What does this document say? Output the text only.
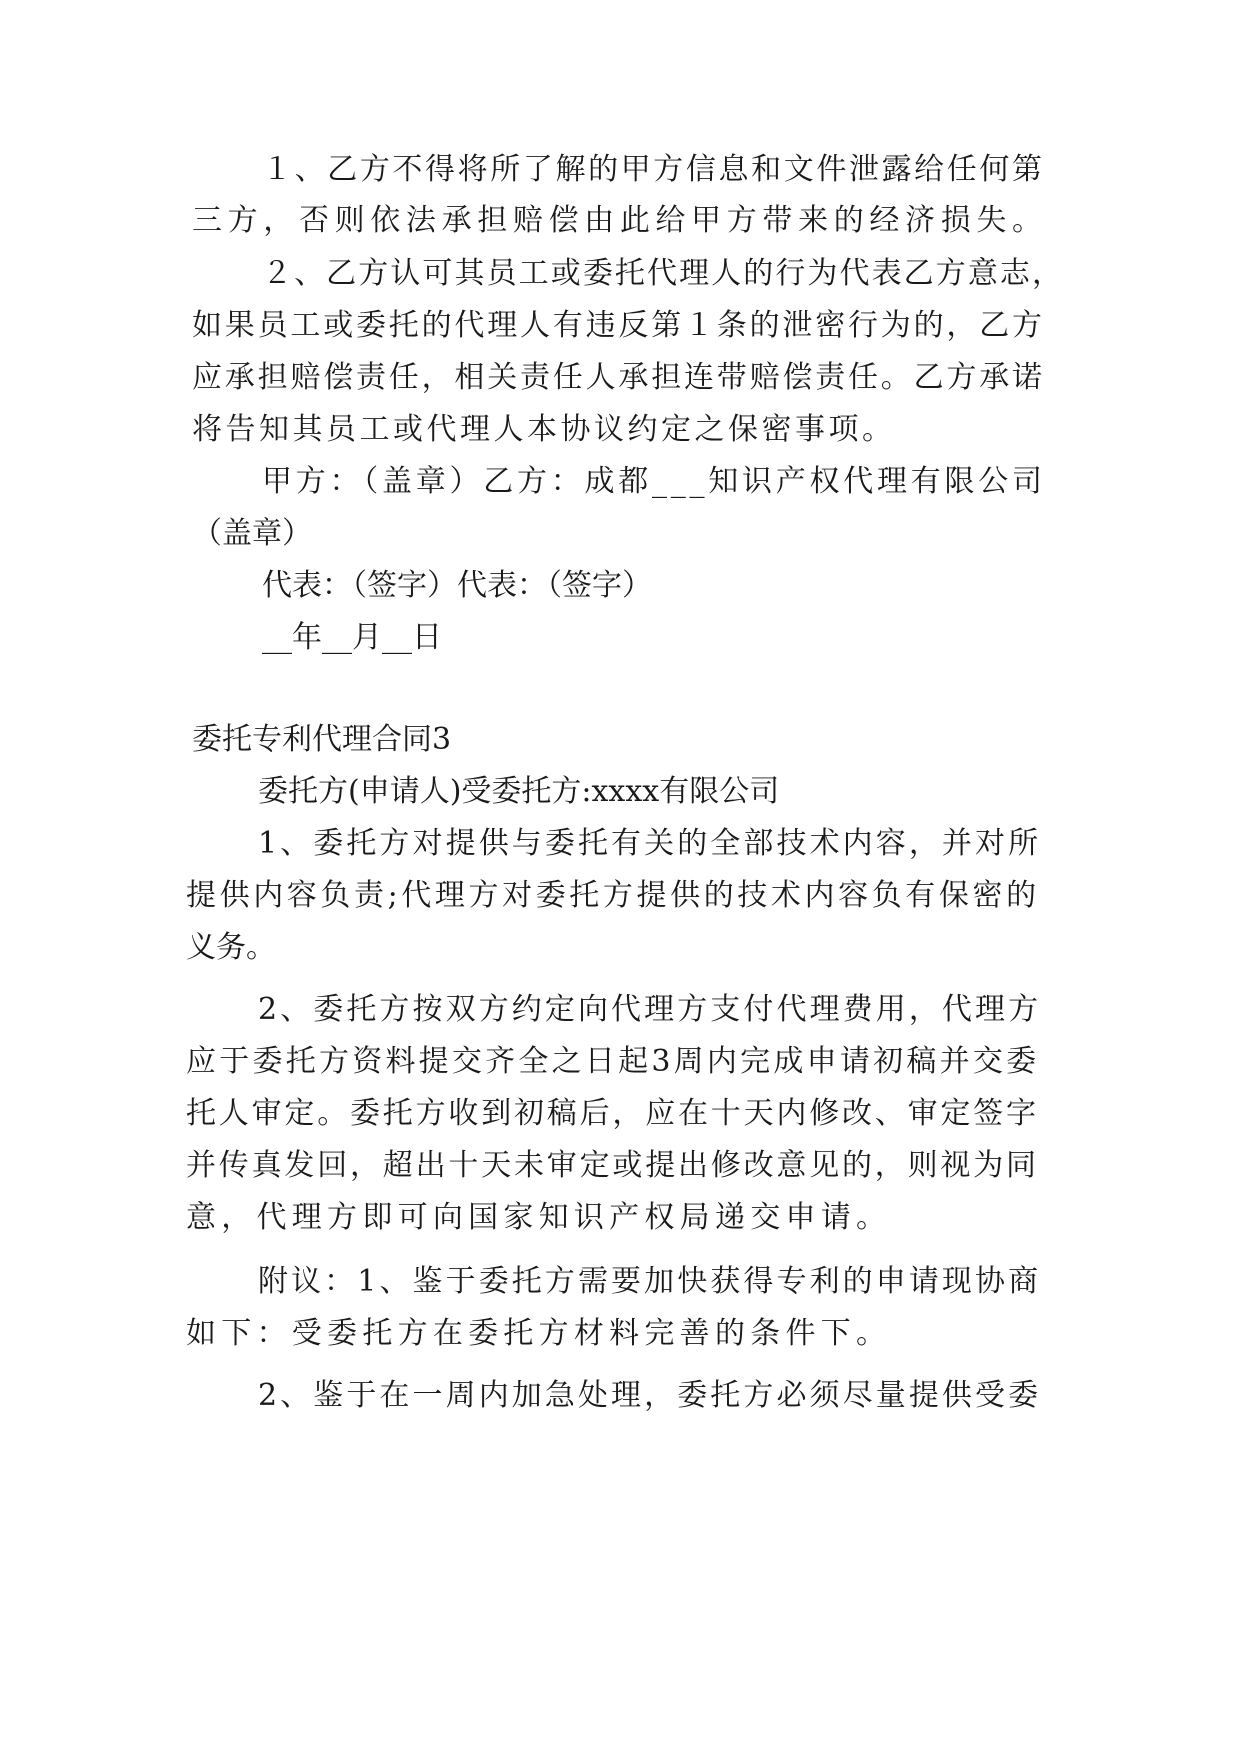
１、乙方不得将所了解的甲方信息和文件泄露给任何第
三方，否则依法承担赔偿由此给甲方带来的经济损失。
２、乙方认可其员工或委托代理人的行为代表乙方意志，
如果员工或委托的代理人有违反第１条的泄密行为的，乙方
应承担赔偿责任，相关责任人承担连带赔偿责任。乙方承诺
将告知其员工或代理人本协议约定之保密事项。
甲方：（盖章）乙方：成都___知识产权代理有限公司
（盖章）
代表：（签字）代表：（签字）
__年__月__日
委托专利代理合同3
委托方(申请人)受委托方:xxxx有限公司
1、委托方对提供与委托有关的全部技术内容，并对所
提供内容负责;代理方对委托方提供的技术内容负有保密的
义务。
2、委托方按双方约定向代理方支付代理费用，代理方
应于委托方资料提交齐全之日起3周内完成申请初稿并交委
托人审定。委托方收到初稿后，应在十天内修改、审定签字
并传真发回，超出十天未审定或提出修改意见的，则视为同
意，代理方即可向国家知识产权局递交申请。
附议：1、鉴于委托方需要加快获得专利的申请现协商
如下：受委托方在委托方材料完善的条件下。
2、鉴于在一周内加急处理，委托方必须尽量提供受委
